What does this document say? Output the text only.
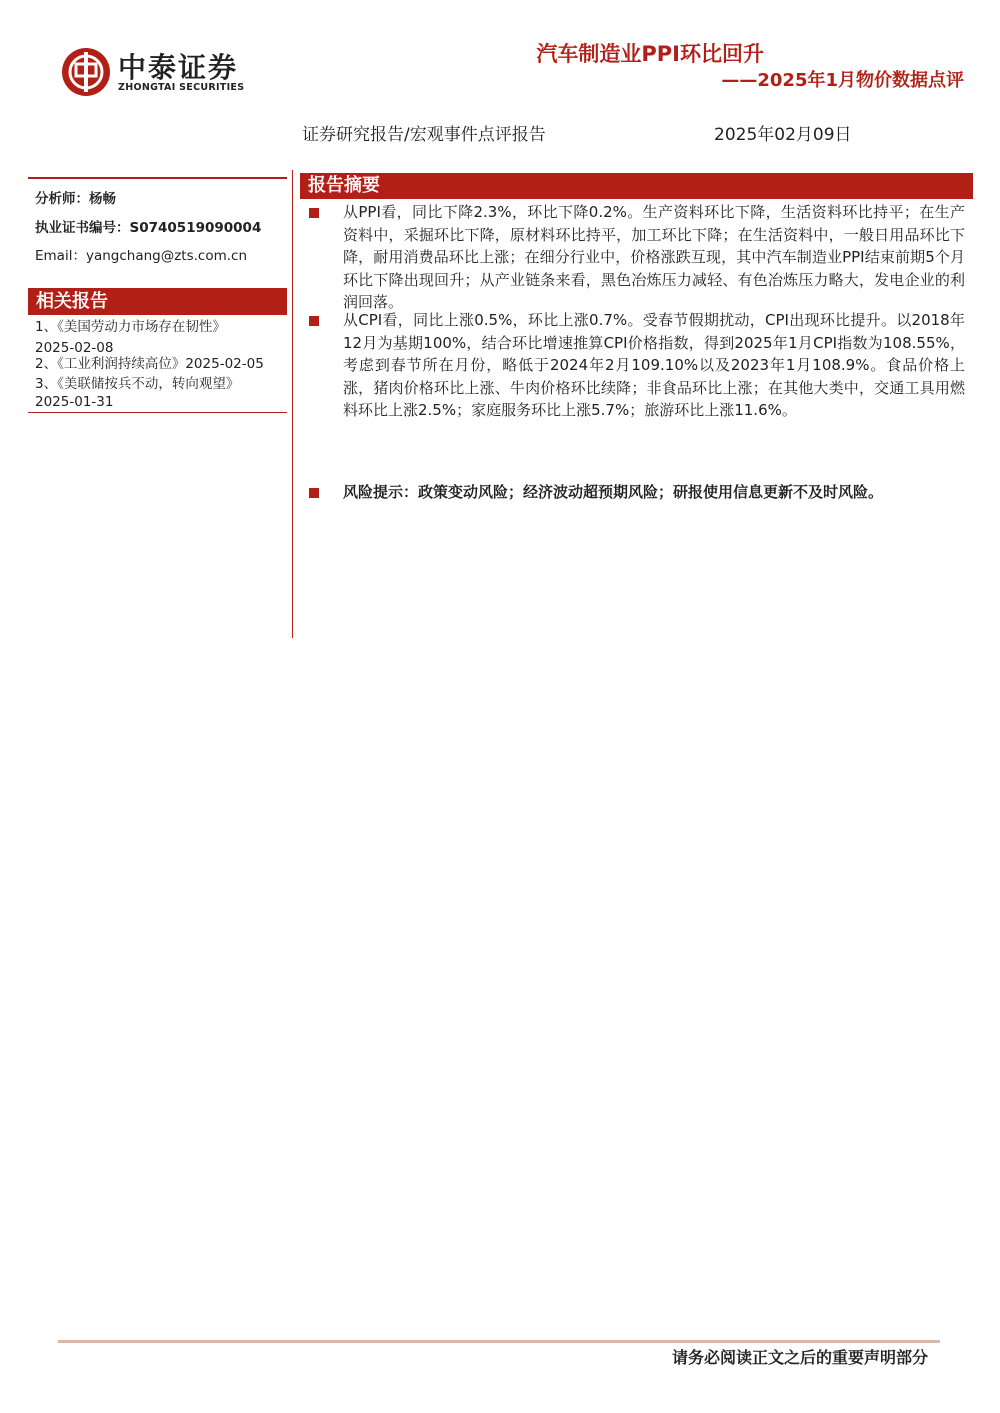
中泰证券
ZHONGTAI SECURITIES
汽车制造业PPI环比回升
——2025年1月物价数据点评
证券研究报告/宏观事件点评报告	2025年02月09日
分析师：杨畅
执业证书编号：S0740519090004
Email：yangchang@zts.com.cn
相关报告
1、《美国劳动力市场存在韧性》
2025-02-08
2、《工业利润持续高位》2025-02-05
3、《美联储按兵不动，转向观望》
2025-01-31
报告摘要
从PPI看，同比下降2.3%，环比下降0.2%。生产资料环比下降，生活资料环比持平；在生产资料中，采掘环比下降，原材料环比持平，加工环比下降；在生活资料中，一般日用品环比下降，耐用消费品环比上涨；在细分行业中，价格涨跌互现，其中汽车制造业PPI结束前期5个月环比下降出现回升；从产业链条来看，黑色冶炼压力减轻、有色冶炼压力略大，发电企业的利润回落。
从CPI看，同比上涨0.5%，环比上涨0.7%。受春节假期扰动，CPI出现环比提升。以2018年12月为基期100%，结合环比增速推算CPI价格指数，得到2025年1月CPI指数为108.55%，考虑到春节所在月份，略低于2024年2月109.10%以及2023年1月108.9%。食品价格上涨，猪肉价格环比上涨、牛肉价格环比续降；非食品环比上涨；在其他大类中，交通工具用燃料环比上涨2.5%；家庭服务环比上涨5.7%；旅游环比上涨11.6%。
风险提示：政策变动风险；经济波动超预期风险；研报使用信息更新不及时风险。
请务必阅读正文之后的重要声明部分
